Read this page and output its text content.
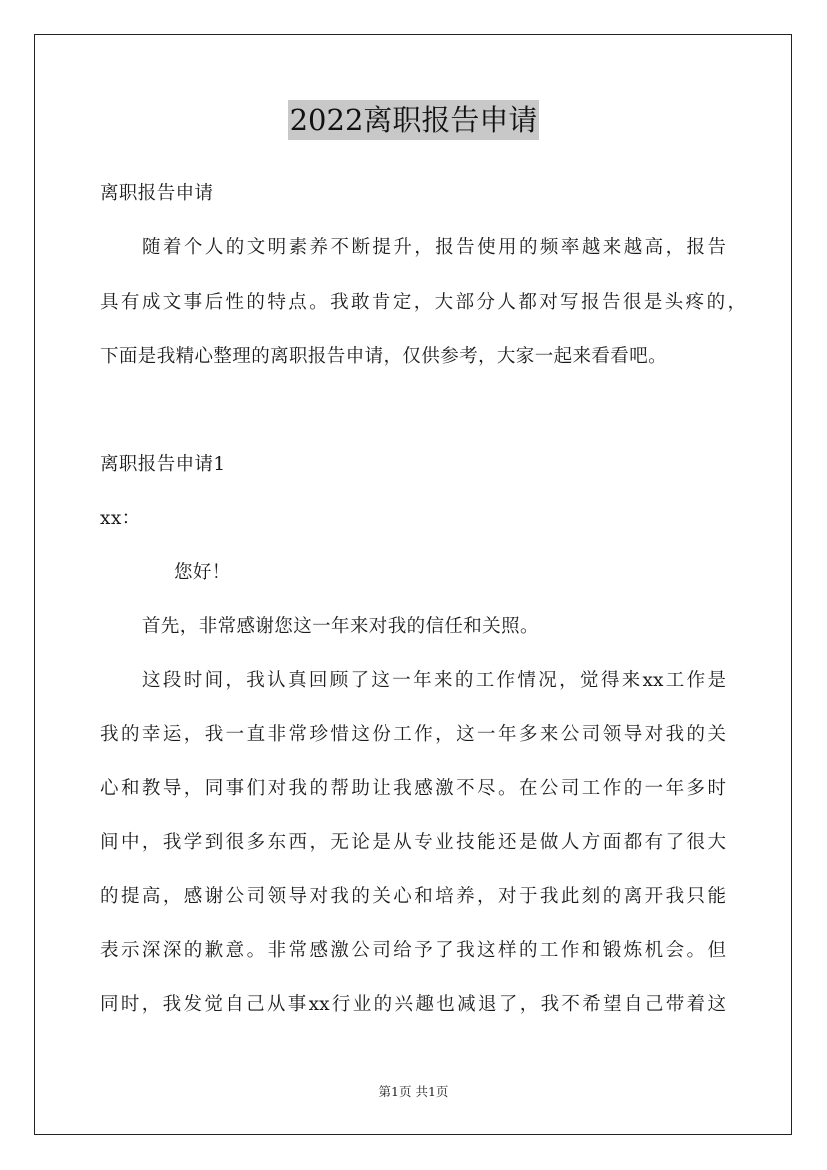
2022离职报告申请
离职报告申请
随着个人的文明素养不断提升，报告使用的频率越来越高，报告
具有成文事后性的特点。我敢肯定，大部分人都对写报告很是头疼的，
下面是我精心整理的离职报告申请，仅供参考，大家一起来看看吧。
离职报告申请1
xx：
您好！
首先，非常感谢您这一年来对我的信任和关照。
这段时间，我认真回顾了这一年来的工作情况，觉得来xx工作是
我的幸运，我一直非常珍惜这份工作，这一年多来公司领导对我的关
心和教导，同事们对我的帮助让我感激不尽。在公司工作的一年多时
间中，我学到很多东西，无论是从专业技能还是做人方面都有了很大
的提高，感谢公司领导对我的关心和培养，对于我此刻的离开我只能
表示深深的歉意。非常感激公司给予了我这样的工作和锻炼机会。但
同时，我发觉自己从事xx行业的兴趣也减退了，我不希望自己带着这
第1页 共1页
